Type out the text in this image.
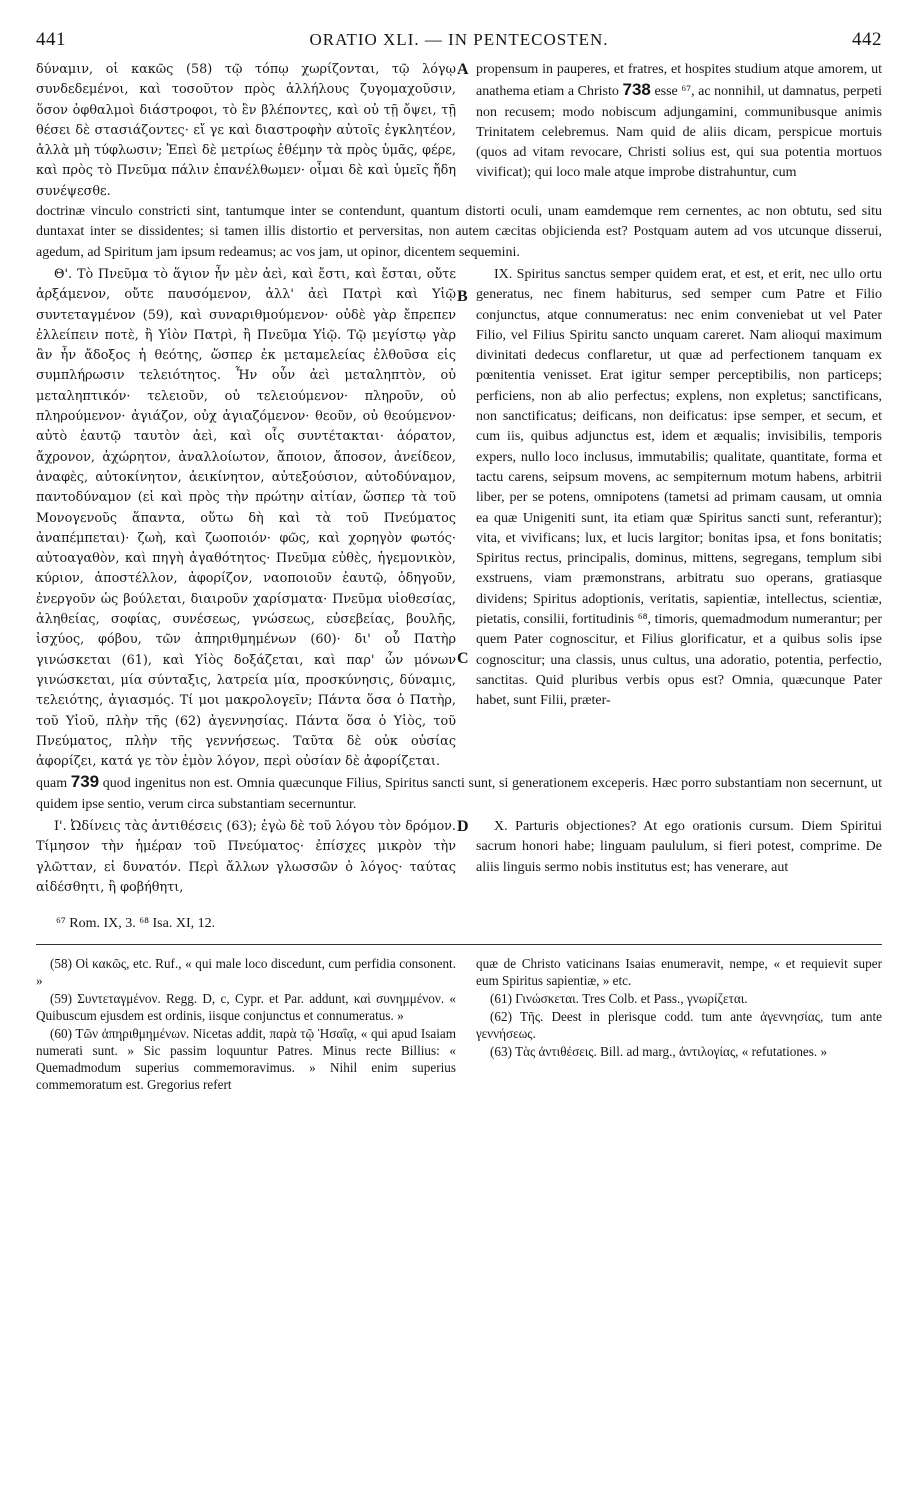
441	ORATIO XLI. — IN PENTECOSTEN.	442

δύναμιν, οἱ κακῶς (58) τῷ τόπῳ χωρίζονται, τῷ λόγῳ συνδεδεμένοι, καὶ τοσοῦτον πρὸς ἀλλήλους ζυγομαχοῦσιν, ὅσον ὀφθαλμοὶ διάστροφοι, τὸ ἓν βλέποντες, καὶ οὐ τῇ ὄψει, τῇ θέσει δὲ στασιάζοντες· εἴ γε καὶ διαστροφὴν αὐτοῖς ἐγκλητέον, ἀλλὰ μὴ τύφλωσιν; Ἐπεὶ δὲ μετρίως ἐθέμην τὰ πρὸς ὑμᾶς, φέρε, καὶ πρὸς τὸ Πνεῦμα πάλιν ἐπανέλθωμεν· οἶμαι δὲ καὶ ὑμεῖς ἤδη συνέψεσθε.

propensum in pauperes, et fratres, et hospites studium atque amorem, ut anathema etiam a Christo 738 esse ⁶⁷, ac nonnihil, ut damnatus, perpeti non recusem; modo nobiscum adjungamini, communibusque animis Trinitatem celebremus. Nam quid de aliis dicam, perspicue mortuis (quos ad vitam revocare, Christi solius est, qui sua potentia mortuos vivificat); qui loco male atque improbe distrahuntur, cum

A

doctrinæ vinculo constricti sint, tantumque inter se contendunt, quantum distorti oculi, unam eamdemque rem cernentes, ac non obtutu, sed situ duntaxat inter se dissidentes; si tamen illis distortio et perversitas, non autem cæcitas objicienda est? Postquam autem ad vos utcunque disserui, agedum, ad Spiritum jam ipsum redeamus; ac vos jam, ut opinor, dicentem sequemini.

Θ'. Τὸ Πνεῦμα τὸ ἅγιον ἦν μὲν ἀεὶ, καὶ ἔστι, καὶ ἔσται, οὔτε ἀρξάμενον, οὔτε παυσόμενον, ἀλλ' ἀεὶ Πατρὶ καὶ Υἱῷ συντεταγμένον (59), καὶ συναριθμούμενον· οὐδὲ γὰρ ἔπρεπεν ἐλλείπειν ποτὲ, ἢ Υἱὸν Πατρὶ, ἢ Πνεῦμα Υἱῷ. Τῷ μεγίστῳ γὰρ ἂν ἦν ἄδοξος ἡ θεότης, ὥσπερ ἐκ μεταμελείας ἐλθοῦσα εἰς συμπλήρωσιν τελειότητος. Ἦν οὖν ἀεὶ μεταληπτὸν, οὐ μεταληπτικόν· τελειοῦν, οὐ τελειούμενον· πληροῦν, οὐ πληρούμενον· ἁγιάζον, οὐχ ἁγιαζόμενον· θεοῦν, οὐ θεούμενον· αὐτὸ ἑαυτῷ ταυτὸν ἀεὶ, καὶ οἷς συντέτακται· ἀόρατον, ἄχρονον, ἀχώρητον, ἀναλλοίωτον, ἄποιον, ἄποσον, ἀνείδεον, ἀναφὲς, αὐτοκίνητον, ἀεικίνητον, αὐτεξούσιον, αὐτοδύναμον, παντοδύναμον (εἰ καὶ πρὸς τὴν πρώτην αἰτίαν, ὥσπερ τὰ τοῦ Μονογενοῦς ἅπαντα, οὕτω δὴ καὶ τὰ τοῦ Πνεύματος ἀναπέμπεται)· ζωὴ, καὶ ζωοποιόν· φῶς, καὶ χορηγὸν φωτός· αὐτοαγαθὸν, καὶ πηγὴ ἀγαθότητος· Πνεῦμα εὐθὲς, ἡγεμονικὸν, κύριον, ἀποστέλλον, ἀφορίζον, ναοποιοῦν ἑαυτῷ, ὁδηγοῦν, ἐνεργοῦν ὡς βούλεται, διαιροῦν χαρίσματα· Πνεῦμα υἱοθεσίας, ἀληθείας, σοφίας, συνέσεως, γνώσεως, εὐσεβείας, βουλῆς, ἰσχύος, φόβου, τῶν ἀπηριθμημένων (60)· δι' οὗ Πατὴρ γινώσκεται (61), καὶ Υἱὸς δοξάζεται, καὶ παρ' ὧν μόνων γινώσκεται, μία σύνταξις, λατρεία μία, προσκύνησις, δύναμις, τελειότης, ἁγιασμός. Τί μοι μακρολογεῖν; Πάντα ὅσα ὁ Πατὴρ, τοῦ Υἱοῦ, πλὴν τῆς (62) ἀγεννησίας. Πάντα ὅσα ὁ Υἱὸς, τοῦ Πνεύματος, πλὴν τῆς γεννήσεως. Ταῦτα δὲ οὐκ οὐσίας ἀφορίζει, κατά γε τὸν ἐμὸν λόγον, περὶ οὐσίαν δὲ ἀφορίζεται.

IX. Spiritus sanctus semper quidem erat, et est, et erit, nec ullo ortu generatus, nec finem habiturus, sed semper cum Patre et Filio conjunctus, atque connumeratus: nec enim conveniebat ut vel Pater Filio, vel Filius Spiritu sancto unquam careret. Nam alioqui maximum divinitati dedecus conflaretur, ut quæ ad perfectionem tanquam ex pœnitentia venisset. Erat igitur semper perceptibilis, non particeps; perficiens, non ab alio perfectus; explens, non expletus; sanctificans, non sanctificatus; deificans, non deificatus: ipse semper, et secum, et cum iis, quibus adjunctus est, idem et æqualis; invisibilis, temporis expers, nullo loco inclusus, immutabilis; qualitate, quantitate, forma et tactu carens, seipsum movens, ac sempiternum motum habens, arbitrii liber, per se potens, omnipotens (tametsi ad primam causam, ut omnia ea quæ Unigeniti sunt, ita etiam quæ Spiritus sancti sunt, referantur); vita, et vivificans; lux, et lucis largitor; bonitas ipsa, et fons bonitatis; Spiritus rectus, principalis, dominus, mittens, segregans, templum sibi exstruens, viam præmonstrans, arbitratu suo operans, gratiasque dividens; Spiritus adoptionis, veritatis, sapientiæ, intellectus, scientiæ, pietatis, consilii, fortitudinis ⁶⁸, timoris, quemadmodum numerantur; per quem Pater cognoscitur, et Filius glorificatur, et a quibus solis ipse cognoscitur; una classis, unus cultus, una adoratio, potentia, perfectio, sanctitas. Quid pluribus verbis opus est? Omnia, quæcunque Pater habet, sunt Filii, præter-

B
C

quam 739 quod ingenitus non est. Omnia quæcunque Filius, Spiritus sancti sunt, si generationem exceperis. Hæc porro substantiam non secernunt, ut quidem ipse sentio, verum circa substantiam secernuntur.

Ι'. Ὠδίνεις τὰς ἀντιθέσεις (63); ἐγὼ δὲ τοῦ λόγου τὸν δρόμον. Τίμησον τὴν ἡμέραν τοῦ Πνεύματος· ἐπίσχες μικρὸν τὴν γλῶτταν, εἰ δυνατόν. Περὶ ἄλλων γλωσσῶν ὁ λόγος· ταύτας αἰδέσθητι, ἢ φοβήθητι,

X. Parturis objectiones? At ego orationis cursum. Diem Spiritui sacrum honori habe; linguam paululum, si fieri potest, comprime. De aliis linguis sermo nobis institutus est; has venerare, aut

D
⁶⁷ Rom. IX, 3. ⁶⁸ Isa. XI, 12.

(58) Οἱ κακῶς, etc. Ruf., « qui male loco discedunt, cum perfidia consonent. »

(59) Συντεταγμένον. Regg. D, c, Cypr. et Par. addunt, καὶ συνημμένον. « Quibuscum ejusdem est ordinis, iisque conjunctus et connumeratus. »

(60) Τῶν ἀπηριθμημένων. Nicetas addit, παρὰ τῷ Ἡσαΐᾳ, « qui apud Isaiam numerati sunt. » Sic passim loquuntur Patres. Minus recte Billius: « Quemadmodum superius commemoravimus. » Nihil enim superius commemoratum est. Gregorius refert

quæ de Christo vaticinans Isaias enumeravit, nempe, « et requievit super eum Spiritus sapientiæ, » etc.

(61) Γινώσκεται. Tres Colb. et Pass., γνωρίζεται.

(62) Τῆς. Deest in plerisque codd. tum ante ἀγεννησίας, tum ante γεννήσεως.

(63) Τὰς ἀντιθέσεις. Bill. ad marg., ἀντιλογίας, « refutationes. »
